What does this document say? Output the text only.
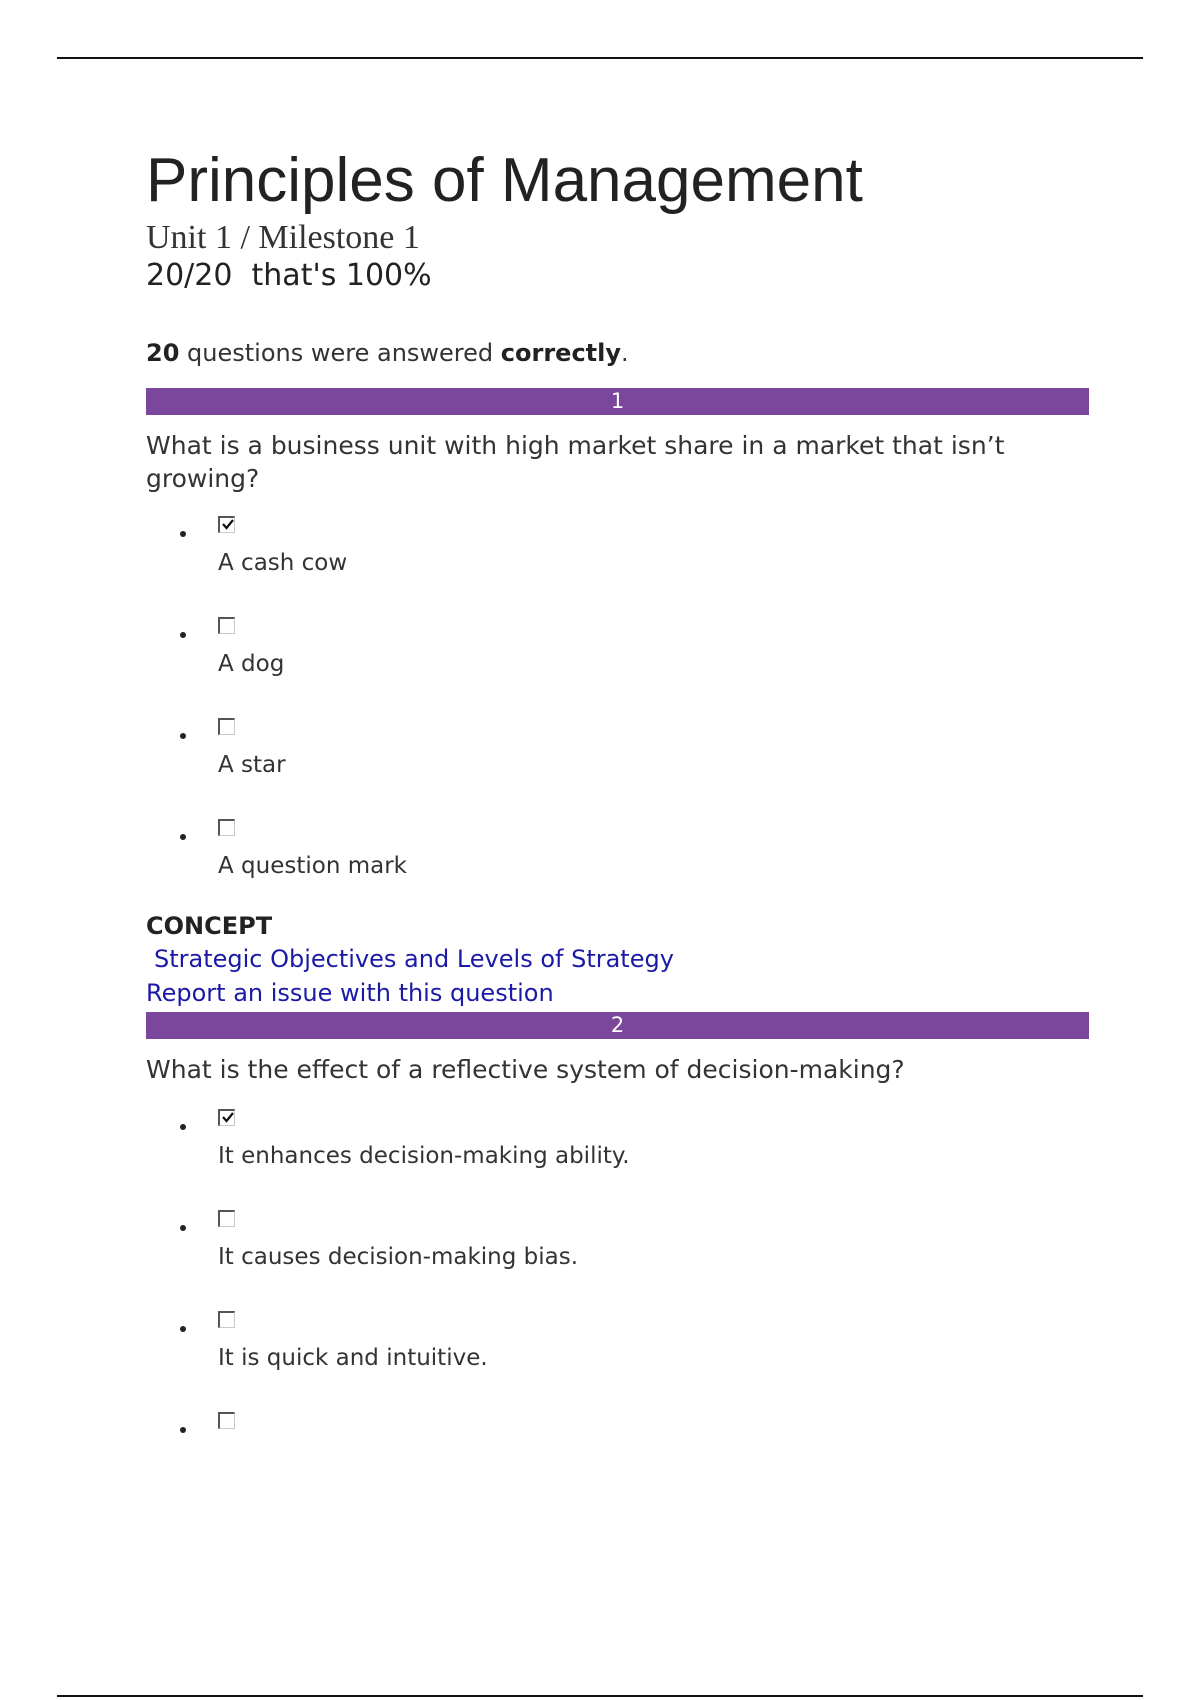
Principles of Management
Unit 1 / Milestone 1
20/20  that's 100%
20 questions were answered correctly.
1
What is a business unit with high market share in a market that isn’t growing?
A cash cow
A dog
A star
A question mark
CONCEPT
Strategic Objectives and Levels of Strategy
Report an issue with this question
2
What is the effect of a reflective system of decision-making?
It enhances decision-making ability.
It causes decision-making bias.
It is quick and intuitive.
